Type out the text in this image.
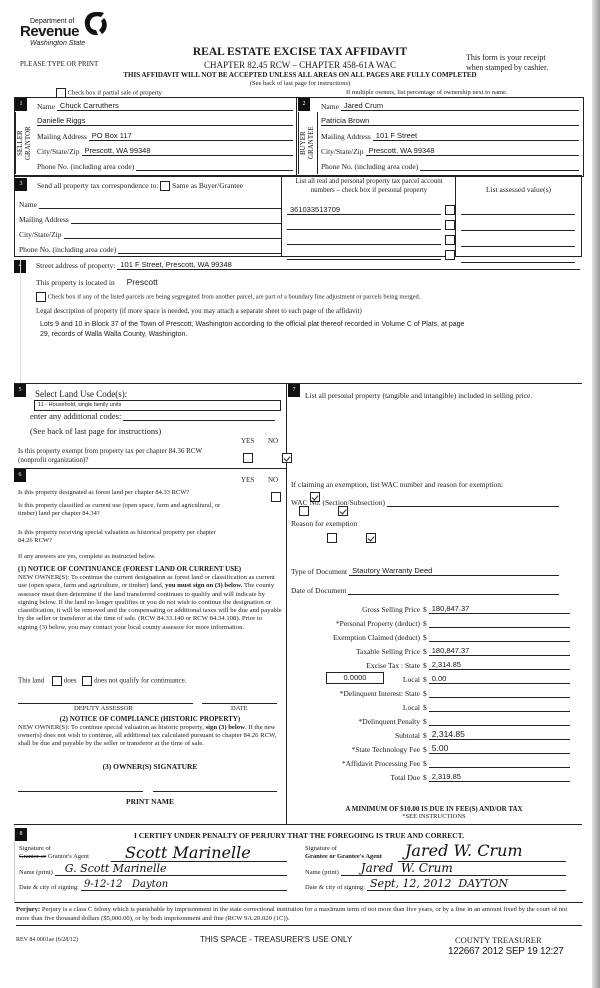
Department of
Revenue
Washington State
PLEASE TYPE OR PRINT
REAL ESTATE EXCISE TAX AFFIDAVIT
CHAPTER 82.45 RCW – CHAPTER 458-61A WAC
This form is your receipt
when stamped by cashier.
THIS AFFIDAVIT WILL NOT BE ACCEPTED UNLESS ALL AREAS ON ALL PAGES ARE FULLY COMPLETED
(See back of last page for instructions)
Check box if partial sale of property	If multiple owners, list percentage of ownership next to name.
1
SELLER
GRANTOR
Name Chuck Carruthers
Danielle Riggs
Mailing Address PO Box 117
City/State/Zip Prescott, WA 99348
Phone No. (including area code)
2
BUYER
GRANTEE
Name Jared Crum
Patricia Brown
Mailing Address 101 F Street
City/State/Zip Prescott, WA 99348
Phone No. (including area code)
3	Send all property tax correspondence to: Same as Buyer/Grantee
Name
Mailing Address
City/State/Zip
Phone No. (including area code)
List all real and personal property tax parcel account numbers – check box if personal property
361033513709
List assessed value(s)
Street address of property: 101 F Street, Prescott, WA 99348
This property is located in Prescott
Check box if any of the listed parcels are being segregated from another parcel, are part of a boundary line adjustment or parcels being merged.
Legal description of property (if more space is needed, you may attach a separate sheet to each page of the affidavit)
Lots 9 and 10 in Block 37 of the Town of Prescott, Washington according to the official plat thereof recorded in Volume C of Plats, at page
29, records of Walla Walla County, Washington.
5	Select Land Use Code(s):
11 - Household, single family units
enter any additional codes:
(See back of last page for instructions)
YES NO
Is this property exempt from property tax per chapter 84.36 RCW (nonprofit organization)?

6
YES NO
Is this property designated as forest land per chapter 84.33 RCW?

Is this property classified as current use (open space, farm and agricultural, or timber) land per chapter 84.34?

Is this property receiving special valuation as historical property per chapter 84.26 RCW?

If any answers are yes, complete as instructed below.
(1) NOTICE OF CONTINUANCE (FOREST LAND OR CURRENT USE)
NEW OWNER(S): To continue the current designation as forest land or classification as current use (open space, farm and agriculture, or timber) land, you must sign on (3) below. The county assessor must then determine if the land transferred continues to qualify and will indicate by signing below. If the land no longer qualifies or you do not wish to continue the designation or classification, it will be removed and the compensating or additional taxes will be due and payable by the seller or transferor at the time of sale. (RCW 84.33.140 or RCW 84.34.108). Prior to signing (3) below, you may contact your local county assessor for more information.
This land	does	does not qualify for continuance.
DEPUTY ASSESSOR	DATE
(2) NOTICE OF COMPLIANCE (HISTORIC PROPERTY)
NEW OWNER(S): To continue special valuation as historic property, sign (3) below. If the new owner(s) does not wish to continue, all additional tax calculated pursuant to chapter 84.26 RCW, shall be due and payable by the seller or transferor at the time of sale.
(3) OWNER(S) SIGNATURE
PRINT NAME
7
List all personal property (tangible and intangible) included in selling price.
If claiming an exemption, list WAC number and reason for exemption:
WAC No. (Section/Subsection)
Reason for exemption
Type of Document Stautory Warranty Deed
Date of Document
Gross Selling Price $ 180,847.37
*Personal Property (deduct) $
Exemption Claimed (deduct) $
Taxable Selling Price $ 180,847.37
Excise Tax : State $ 2,314.85
0.0000	Local $ 0.00
*Delinquent Interest: State $
Local $
*Delinquent Penalty $
Subtotal $ 2,314.85
*State Technology Fee $ 5.00
*Affidavit Processing Fee $
Total Due $ 2,319.85
A MINIMUM OF $10.00 IS DUE IN FEE(S) AND/OR TAX
*SEE INSTRUCTIONS
8	I CERTIFY UNDER PENALTY OF PERJURY THAT THE FOREGOING IS TRUE AND CORRECT.
Signature of
Grantor or Grantor's Agent Scott Marinelle
Name (print) G. Scott Marinelle
Date & city of signing: 9-12-12   Dayton
Signature of
Grantee or Grantee's Agent Jared W. Crum
Name (print) Jared  W. Crum
Date & city of signing: Sept, 12, 2012  DAYTON
Perjury: Perjury is a class C felony which is punishable by imprisonment in the state correctional institution for a maximum term of not more than five years, or by a fine in an amount fixed by the court of not more than five thousand dollars ($5,000.00), or by both imprisonment and fine (RCW 9A.20.020 (1C)).
REV 84 0001ae (6/28/12)	THIS SPACE - TREASURER'S USE ONLY	COUNTY TREASURER
122667 2012 SEP 19 12:27
